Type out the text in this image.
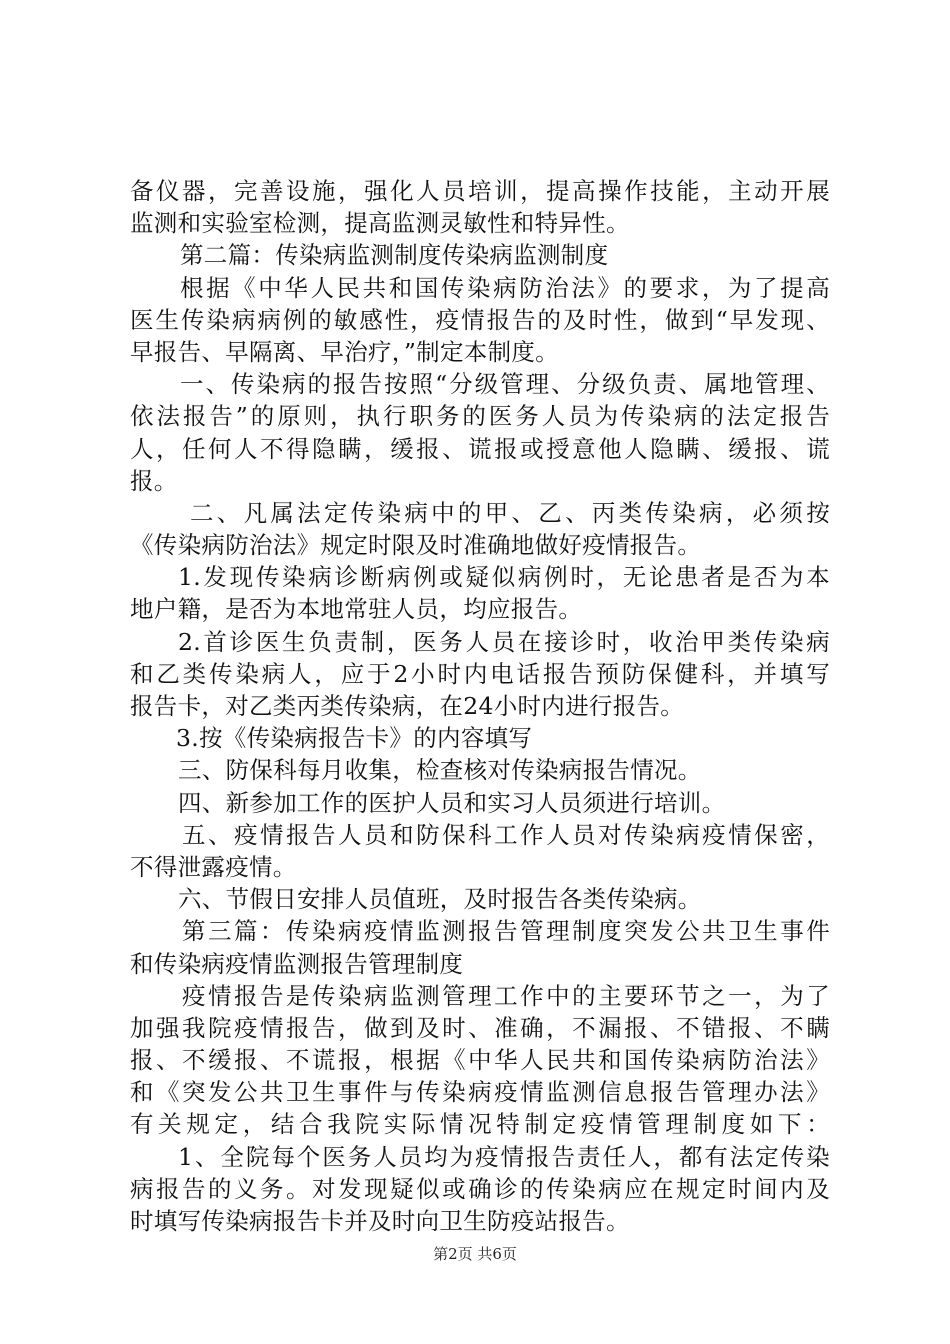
备仪器，完善设施，强化人员培训，提高操作技能，主动开展
监测和实验室检测，提高监测灵敏性和特异性。
第二篇：传染病监测制度传染病监测制度
根据《中华人民共和国传染病防治法》的要求，为了提高
医生传染病病例的敏感性，疫情报告的及时性，做到“早发现、
早报告、早隔离、早治疗，”制定本制度。
一、传染病的报告按照“分级管理、分级负责、属地管理、
依法报告”的原则，执行职务的医务人员为传染病的法定报告
人，任何人不得隐瞒，缓报、谎报或授意他人隐瞒、缓报、谎
报。
二、凡属法定传染病中的甲、乙、丙类传染病，必须按
《传染病防治法》规定时限及时准确地做好疫情报告。
1.发现传染病诊断病例或疑似病例时，无论患者是否为本
地户籍，是否为本地常驻人员，均应报告。
2.首诊医生负责制，医务人员在接诊时，收治甲类传染病
和乙类传染病人，应于2小时内电话报告预防保健科，并填写
报告卡，对乙类丙类传染病，在24小时内进行报告。
3.按《传染病报告卡》的内容填写
三、防保科每月收集，检查核对传染病报告情况。
四、新参加工作的医护人员和实习人员须进行培训。
五、疫情报告人员和防保科工作人员对传染病疫情保密，
不得泄露疫情。
六、节假日安排人员值班，及时报告各类传染病。
第三篇：传染病疫情监测报告管理制度突发公共卫生事件
和传染病疫情监测报告管理制度
疫情报告是传染病监测管理工作中的主要环节之一，为了
加强我院疫情报告，做到及时、准确，不漏报、不错报、不瞒
报、不缓报、不谎报，根据《中华人民共和国传染病防治法》
和《突发公共卫生事件与传染病疫情监测信息报告管理办法》
有关规定，结合我院实际情况特制定疫情管理制度如下：
1、全院每个医务人员均为疫情报告责任人，都有法定传染
病报告的义务。对发现疑似或确诊的传染病应在规定时间内及
时填写传染病报告卡并及时向卫生防疫站报告。
第2页 共6页
